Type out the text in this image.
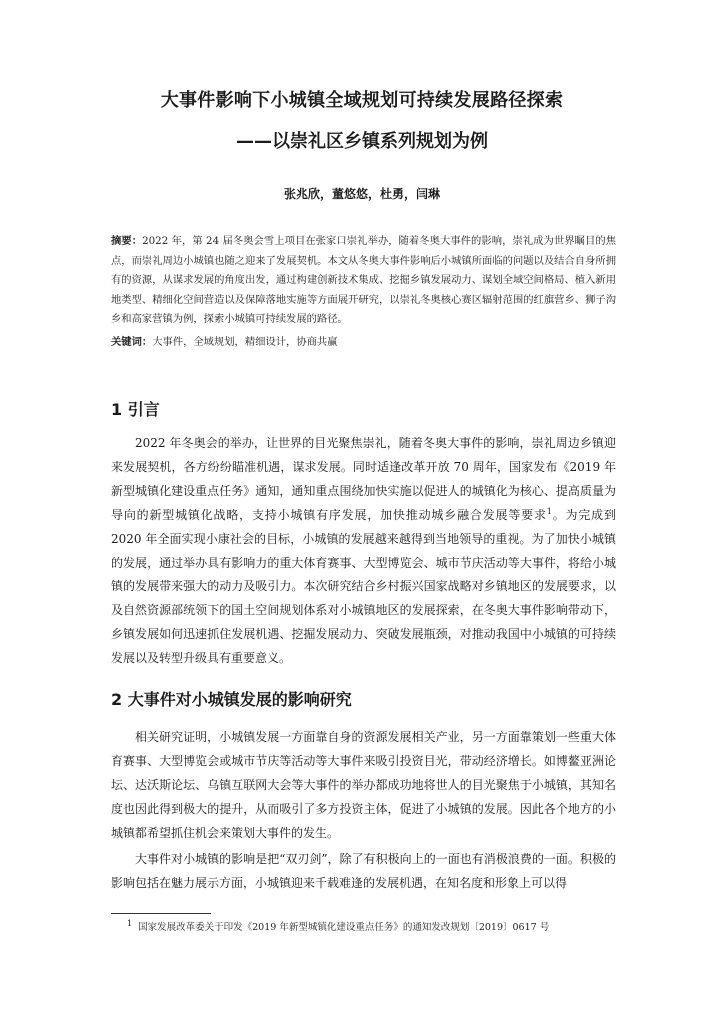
大事件影响下小城镇全域规划可持续发展路径探索
——以崇礼区乡镇系列规划为例
张兆欣，董悠悠，杜勇，闫琳
摘要：2022 年，第 24 届冬奥会雪上项目在张家口崇礼举办，随着冬奥大事件的影响，崇礼成为世界瞩目的焦点，而崇礼周边小城镇也随之迎来了发展契机。本文从冬奥大事件影响后小城镇所面临的问题以及结合自身所拥有的资源，从谋求发展的角度出发，通过构建创新技术集成、挖掘乡镇发展动力、谋划全域空间格局、植入新用地类型、精细化空间营造以及保障落地实施等方面展开研究，以崇礼冬奥核心赛区辐射范围的红旗营乡、狮子沟乡和高家营镇为例，探索小城镇可持续发展的路径。
关键词：大事件，全域规划，精细设计，协商共赢
1 引言
2022 年冬奥会的举办，让世界的目光聚焦崇礼，随着冬奥大事件的影响，崇礼周边乡镇迎来发展契机，各方纷纷瞄准机遇，谋求发展。同时适逢改革开放 70 周年，国家发布《2019 年新型城镇化建设重点任务》通知，通知重点围绕加快实施以促进人的城镇化为核心、提高质量为导向的新型城镇化战略，支持小城镇有序发展，加快推动城乡融合发展等要求$^1$。为完成到 2020 年全面实现小康社会的目标，小城镇的发展越来越得到当地领导的重视。为了加快小城镇的发展，通过举办具有影响力的重大体育赛事、大型博览会、城市节庆活动等大事件，将给小城镇的发展带来强大的动力及吸引力。本次研究结合乡村振兴国家战略对乡镇地区的发展要求，以及自然资源部统领下的国土空间规划体系对小城镇地区的发展探索，在冬奥大事件影响带动下，乡镇发展如何迅速抓住发展机遇、挖掘发展动力、突破发展瓶颈，对推动我国中小城镇的可持续发展以及转型升级具有重要意义。
2 大事件对小城镇发展的影响研究
相关研究证明，小城镇发展一方面靠自身的资源发展相关产业，另一方面靠策划一些重大体育赛事、大型博览会或城市节庆等活动等大事件来吸引投资目光，带动经济增长。如博鳌亚洲论坛、达沃斯论坛、乌镇互联网大会等大事件的举办都成功地将世人的目光聚焦于小城镇，其知名度也因此得到极大的提升，从而吸引了多方投资主体，促进了小城镇的发展。因此各个地方的小城镇都希望抓住机会来策划大事件的发生。
大事件对小城镇的影响是把“双刃剑”，除了有积极向上的一面也有消极浪费的一面。积极的影响包括在魅力展示方面，小城镇迎来千载难逢的发展机遇，在知名度和形象上可以得
$^1$ 国家发展改革委关于印发《2019 年新型城镇化建设重点任务》的通知发改规划〔2019〕0617 号
